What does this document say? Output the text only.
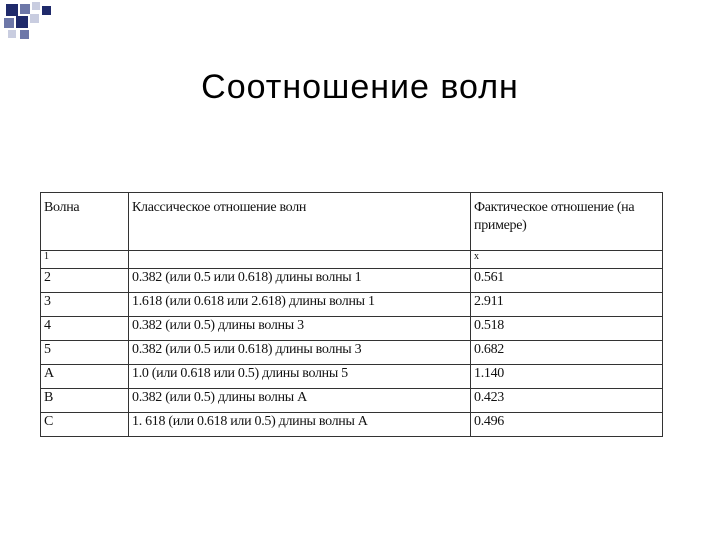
Соотношение волн
Волна	Классическое отношение волн	Фактическое отношение (на примере)
1		x
2	0.382 (или 0.5 или 0.618) длины волны 1	0.561
3	1.618 (или 0.618 или 2.618) длины волны 1	2.911
4	0.382 (или 0.5) длины волны 3	0.518
5	0.382 (или 0.5 или 0.618) длины волны 3	0.682
A	1.0 (или 0.618 или 0.5) длины волны 5	1.140
B	0.382 (или 0.5) длины волны А	0.423
C	1. 618 (или 0.618 или 0.5) длины волны А	0.496
